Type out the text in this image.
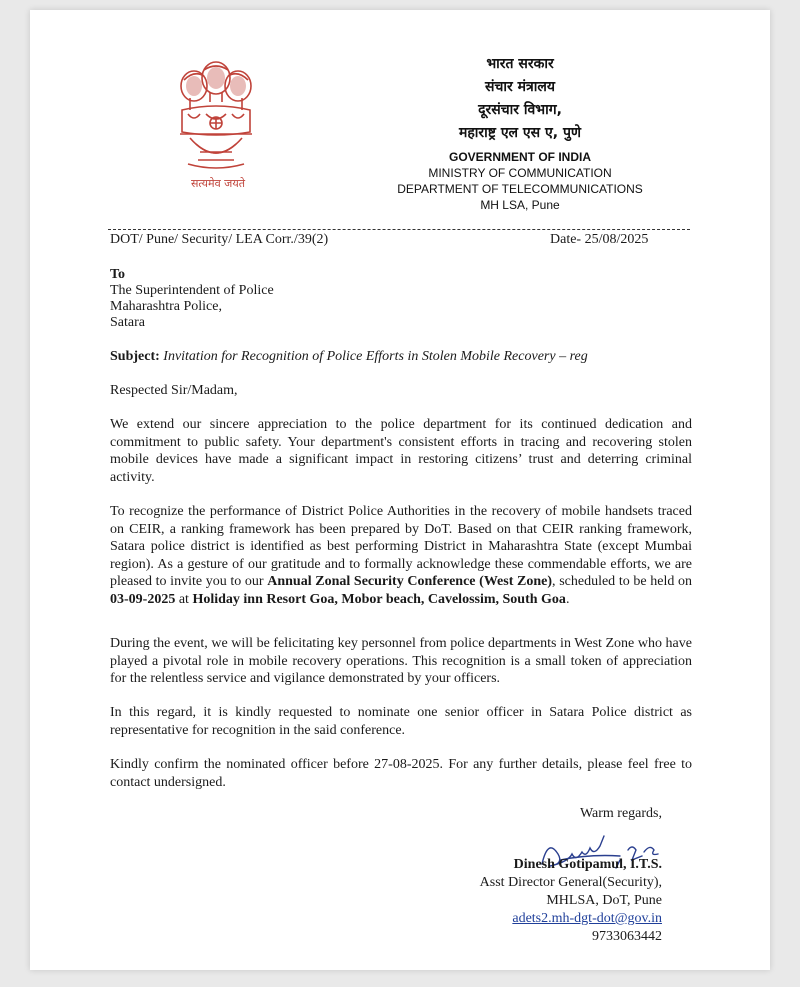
सत्यमेव जयते
भारत सरकार
संचार मंत्रालय
दूरसंचार विभाग,
महाराष्ट्र एल एस ए, पुणे
GOVERNMENT OF INDIA
MINISTRY OF COMMUNICATION
DEPARTMENT OF TELECOMMUNICATIONS
MH LSA, Pune
DOT/ Pune/ Security/ LEA Corr./39(2)	Date- 25/08/2025
To
The Superintendent of Police
Maharashtra Police,
Satara
Subject: Invitation for Recognition of Police Efforts in Stolen Mobile Recovery – reg
Respected Sir/Madam,
We extend our sincere appreciation to the police department for its continued dedication and commitment to public safety. Your department's consistent efforts in tracing and recovering stolen mobile devices have made a significant impact in restoring citizens’ trust and deterring criminal activity.
To recognize the performance of District Police Authorities in the recovery of mobile handsets traced on CEIR, a ranking framework has been prepared by DoT. Based on that CEIR ranking framework, Satara police district is identified as best performing District in Maharashtra State (except Mumbai region). As a gesture of our gratitude and to formally acknowledge these commendable efforts, we are pleased to invite you to our Annual Zonal Security Conference (West Zone), scheduled to be held on 03-09-2025 at Holiday inn Resort Goa, Mobor beach, Cavelossim, South Goa.
During the event, we will be felicitating key personnel from police departments in West Zone who have played a pivotal role in mobile recovery operations. This recognition is a small token of appreciation for the relentless service and vigilance demonstrated by your officers.
In this regard, it is kindly requested to nominate one senior officer in Satara Police district as representative for recognition in the said conference.
Kindly confirm the nominated officer before 27-08-2025. For any further details, please feel free to contact undersigned.
Warm regards,
Dinesh Gotipamul, I.T.S.
Asst Director General(Security),
MHLSA, DoT, Pune
adets2.mh-dgt-dot@gov.in
9733063442
